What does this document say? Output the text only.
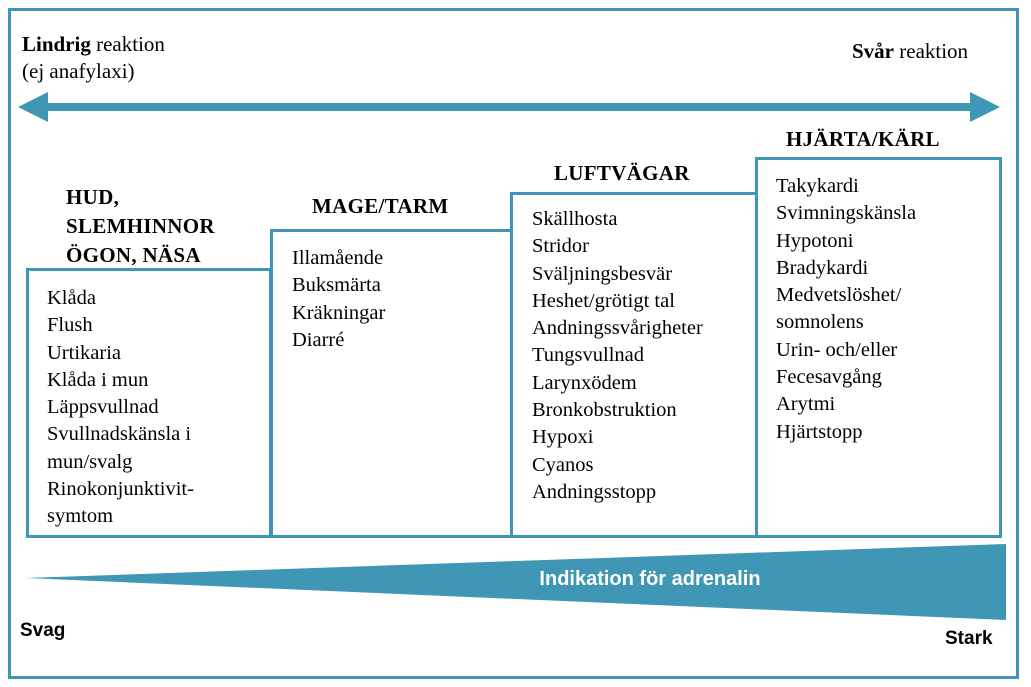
Lindrig reaktion
(ej anafylaxi)
Svår reaktion
HUD,
SLEMHINNOR
ÖGON, NÄSA
MAGE/TARM
LUFTVÄGAR
HJÄRTA/KÄRL
Klåda
Flush
Urtikaria
Klåda i mun
Läppsvullnad
Svullnadskänsla i
mun/svalg
Rinokonjunktivit-
symtom
Illamående
Buksmärta
Kräkningar
Diarré
Skällhosta
Stridor
Sväljningsbesvär
Heshet/grötigt tal
Andningssvårigheter
Tungsvullnad
Larynxödem
Bronkobstruktion
Hypoxi
Cyanos
Andningsstopp
Takykardi
Svimningskänsla
Hypotoni
Bradykardi
Medvetslöshet/
somnolens
Urin- och/eller
Fecesavgång
Arytmi
Hjärtstopp
Indikation för adrenalin
Svag	Stark
